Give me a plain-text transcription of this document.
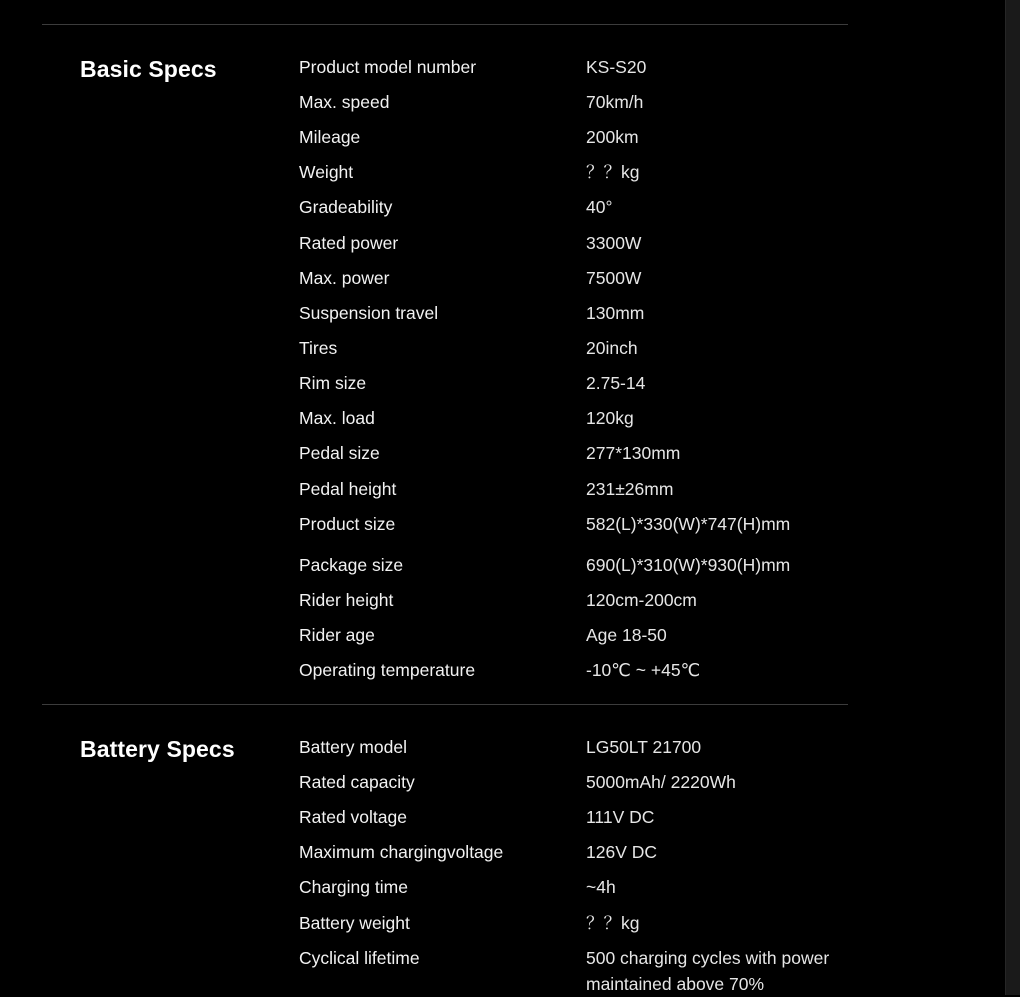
Basic Specs	Product model number	KS-S20
Max. speed	70km/h
Mileage	200km
Weight	？？kg
Gradeability	40°
Rated power	3300W
Max. power	7500W
Suspension travel	130mm
Tires	20inch
Rim size	2.75-14
Max. load	120kg
Pedal size	277*130mm
Pedal height	231±26mm
Product size	582(L)*330(W)*747(H)mm
Package size	690(L)*310(W)*930(H)mm
Rider height	120cm-200cm
Rider age	Age 18-50
Operating temperature	-10℃ ~ +45℃
Battery Specs	Battery model	LG50LT 21700
Rated capacity	5000mAh/ 2220Wh
Rated voltage	111V DC
Maximum chargingvoltage	126V DC
Charging time	~4h
Battery weight	？？kg
Cyclical lifetime	500 charging cycles with power maintained above 70%
